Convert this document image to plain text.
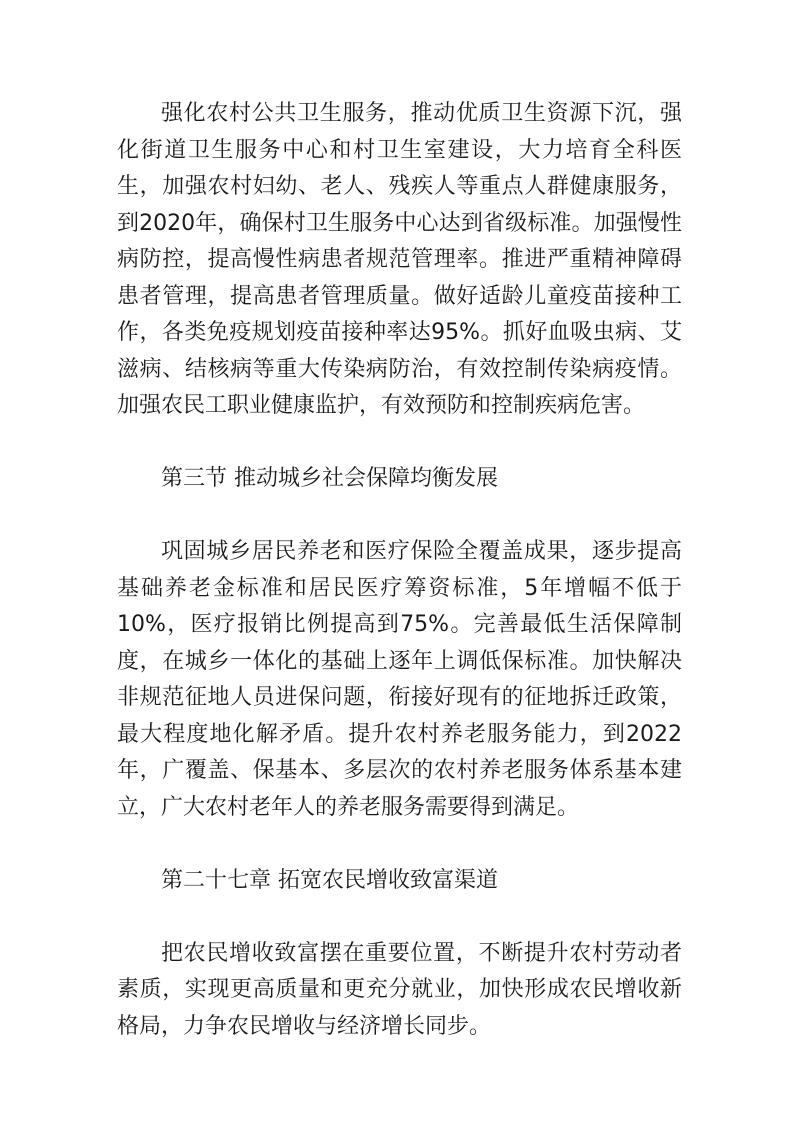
强化农村公共卫生服务，推动优质卫生资源下沉，强化街道卫生服务中心和村卫生室建设，大力培育全科医生，加强农村妇幼、老人、残疾人等重点人群健康服务，到2020年，确保村卫生服务中心达到省级标准。加强慢性病防控，提高慢性病患者规范管理率。推进严重精神障碍患者管理，提高患者管理质量。做好适龄儿童疫苗接种工作，各类免疫规划疫苗接种率达95%。抓好血吸虫病、艾滋病、结核病等重大传染病防治，有效控制传染病疫情。加强农民工职业健康监护，有效预防和控制疾病危害。

第三节 推动城乡社会保障均衡发展

巩固城乡居民养老和医疗保险全覆盖成果，逐步提高基础养老金标准和居民医疗筹资标准，5年增幅不低于10%，医疗报销比例提高到75%。完善最低生活保障制度，在城乡一体化的基础上逐年上调低保标准。加快解决非规范征地人员进保问题，衔接好现有的征地拆迁政策，最大程度地化解矛盾。提升农村养老服务能力，到2022年，广覆盖、保基本、多层次的农村养老服务体系基本建立，广大农村老年人的养老服务需要得到满足。

第二十七章 拓宽农民增收致富渠道

把农民增收致富摆在重要位置，不断提升农村劳动者素质，实现更高质量和更充分就业，加快形成农民增收新格局，力争农民增收与经济增长同步。
